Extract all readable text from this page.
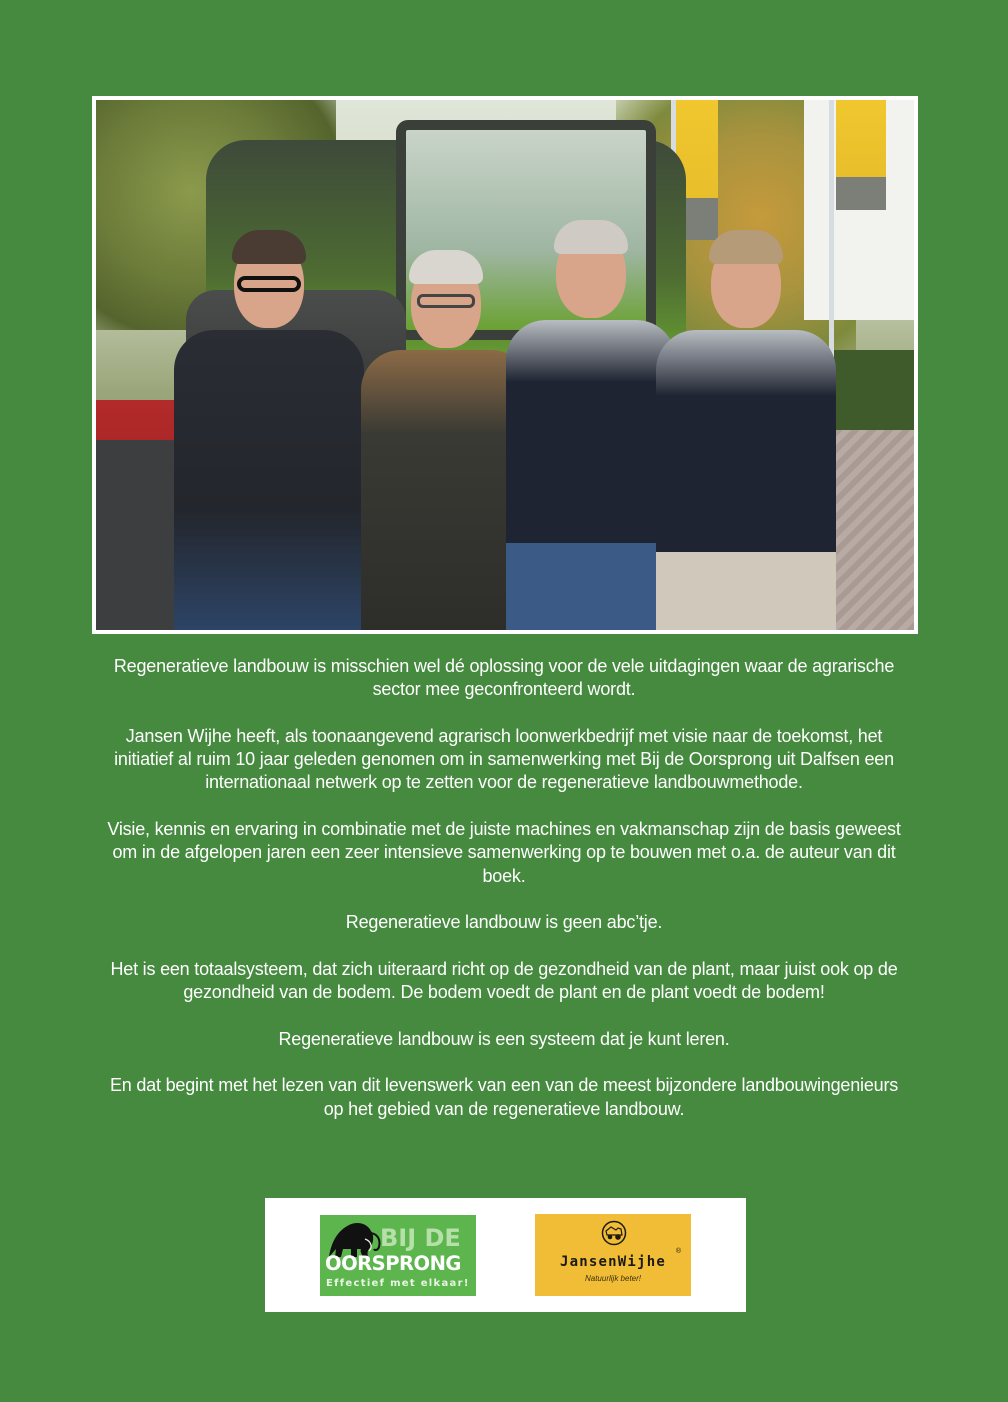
Regeneratieve landbouw is misschien wel dé oplossing voor de vele uitdagingen waar de agrarische sector mee geconfronteerd wordt.

Jansen Wijhe heeft, als toonaangevend agrarisch loonwerkbedrijf met visie naar de toekomst, het initiatief al ruim 10 jaar geleden genomen om in samenwerking met Bij de Oorsprong uit Dalfsen een internationaal netwerk op te zetten voor de regeneratieve landbouwmethode.

Visie, kennis en ervaring in combinatie met de juiste machines en vakmanschap zijn de basis geweest om in de afgelopen jaren een zeer intensieve samenwerking op te bouwen met o.a. de auteur van dit boek.

Regeneratieve landbouw is geen abc’tje.

Het is een totaalsysteem, dat zich uiteraard richt op de gezondheid van de plant, maar juist ook op de gezondheid van de bodem. De bodem voedt de plant en de plant voedt de bodem!

Regeneratieve landbouw is een systeem dat je kunt leren.

En dat begint met het lezen van dit levenswerk van een van de meest bijzondere landbouwingenieurs op het gebied van de regeneratieve landbouw.

BIJ DE
OORSPRONG
Effectief met elkaar!
JansenWijhe
®
Natuurlijk beter!
